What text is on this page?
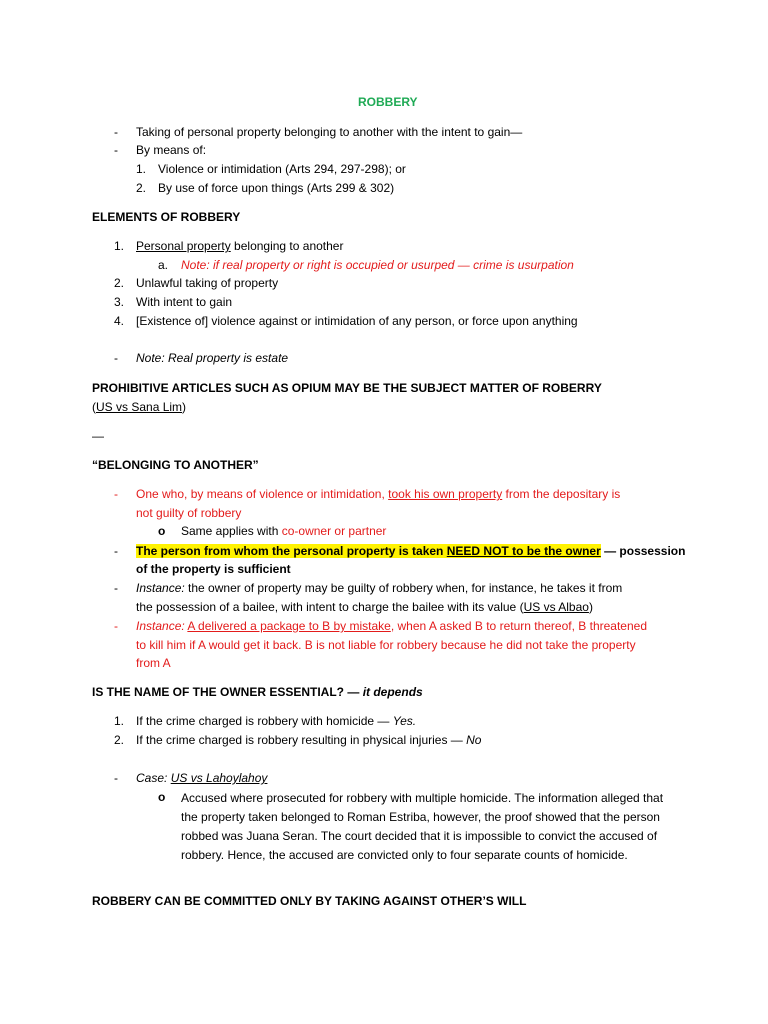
ROBBERY
- Taking of personal property belonging to another with the intent to gain—
- By means of:
1. Violence or intimidation (Arts 294, 297-298); or
2. By use of force upon things (Arts 299 & 302)
ELEMENTS OF ROBBERY
1. Personal property belonging to another
a. Note: if real property or right is occupied or usurped — crime is usurpation
2. Unlawful taking of property
3. With intent to gain
4. [Existence of] violence against or intimidation of any person, or force upon anything
- Note: Real property is estate
PROHIBITIVE ARTICLES SUCH AS OPIUM MAY BE THE SUBJECT MATTER OF ROBERRY
(US vs Sana Lim)
—
“BELONGING TO ANOTHER”
- One who, by means of violence or intimidation, took his own property from the depositary is
not guilty of robbery
o Same applies with co-owner or partner
- The person from whom the personal property is taken NEED NOT to be the owner — possession
of the property is sufficient
- Instance: the owner of property may be guilty of robbery when, for instance, he takes it from
the possession of a bailee, with intent to charge the bailee with its value (US vs Albao)
- Instance: A delivered a package to B by mistake, when A asked B to return thereof, B threatened
to kill him if A would get it back. B is not liable for robbery because he did not take the property
from A
IS THE NAME OF THE OWNER ESSENTIAL? — it depends
1. If the crime charged is robbery with homicide — Yes.
2. If the crime charged is robbery resulting in physical injuries — No
- Case: US vs Lahoylahoy
o Accused where prosecuted for robbery with multiple homicide. The information alleged that the property taken belonged to Roman Estriba, however, the proof showed that the person robbed was Juana Seran. The court decided that it is impossible to convict the accused of robbery. Hence, the accused are convicted only to four separate counts of homicide.
ROBBERY CAN BE COMMITTED ONLY BY TAKING AGAINST OTHER’S WILL
